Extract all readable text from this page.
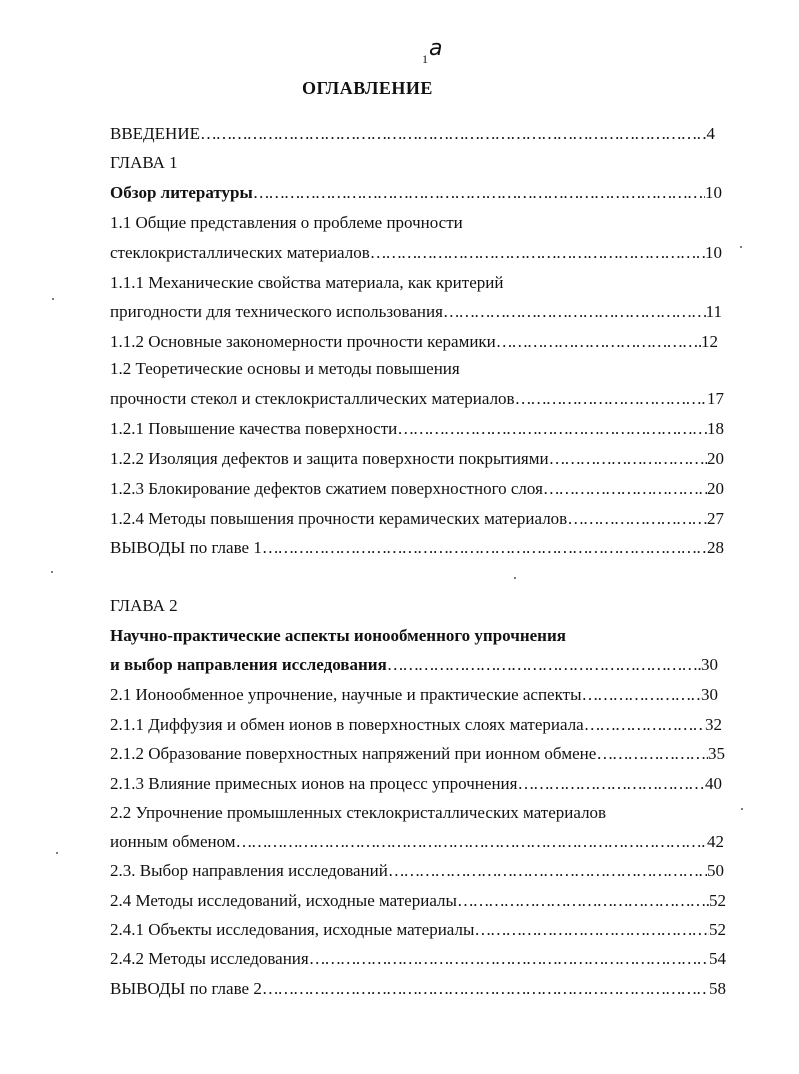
1 a
ОГЛАВЛЕНИЕ
ВВЕДЕНИЕ …………………………………………………………………………………………………………………………………………………………………………………………	4
ГЛАВА 1
Обзор литературы …………………………………………………………………………………………………………………………………………………………………………………………	10
1.1 Общие представления о проблеме прочности
стеклокристаллических материалов …………………………………………………………………………………………………………………………………………………………………………………………	10
1.1.1 Механические свойства материала, как критерий
пригодности для технического использования …………………………………………………………………………………………………………………………………………………………………………………………	11
1.1.2 Основные закономерности прочности керамики …………………………………………………………………………………………………………………………………………………………………………………………	12
1.2 Теоретические основы и методы повышения
прочности стекол и стеклокристаллических материалов …………………………………………………………………………………………………………………………………………………………………………………………	17
1.2.1 Повышение качества поверхности …………………………………………………………………………………………………………………………………………………………………………………………	18
1.2.2 Изоляция дефектов и защита поверхности покрытиями …………………………………………………………………………………………………………………………………………………………………………………………	20
1.2.3 Блокирование дефектов сжатием поверхностного слоя …………………………………………………………………………………………………………………………………………………………………………………………	20
1.2.4 Методы повышения прочности керамических материалов …………………………………………………………………………………………………………………………………………………………………………………………	27
ВЫВОДЫ по главе 1 …………………………………………………………………………………………………………………………………………………………………………………………	28
ГЛАВА 2
Научно-практические аспекты ионообменного упрочнения
и выбор направления исследования …………………………………………………………………………………………………………………………………………………………………………………………	30
2.1 Ионообменное упрочнение, научные и практические аспекты …………………………………………………………………………………………………………………………………………………………………………………………	30
2.1.1 Диффузия и обмен ионов в поверхностных слоях материала …………………………………………………………………………………………………………………………………………………………………………………………	32
2.1.2 Образование поверхностных напряжений при ионном обмене …………………………………………………………………………………………………………………………………………………………………………………………	35
2.1.3 Влияние примесных ионов на процесс упрочнения …………………………………………………………………………………………………………………………………………………………………………………………	40
2.2 Упрочнение промышленных стеклокристаллических материалов
ионным обменом …………………………………………………………………………………………………………………………………………………………………………………………	42
2.3. Выбор направления исследований …………………………………………………………………………………………………………………………………………………………………………………………	50
2.4 Методы исследований, исходные материалы …………………………………………………………………………………………………………………………………………………………………………………………	52
2.4.1 Объекты исследования, исходные материалы …………………………………………………………………………………………………………………………………………………………………………………………	52
2.4.2 Методы исследования …………………………………………………………………………………………………………………………………………………………………………………………	54
ВЫВОДЫ по главе 2 …………………………………………………………………………………………………………………………………………………………………………………………	58
